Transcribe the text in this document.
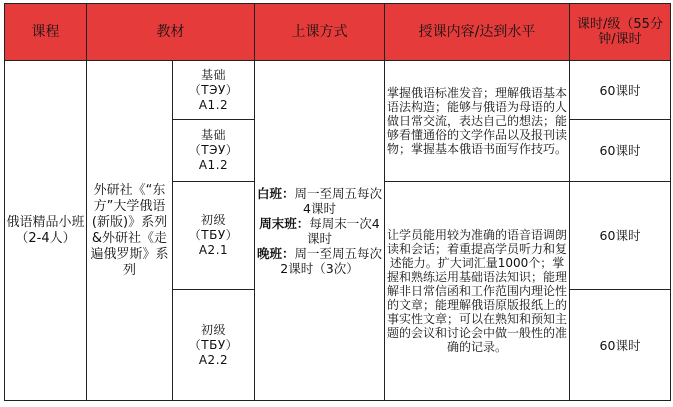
课程	教材		上课方式	授课内容/达到水平	课时/级（55分钟/课时
俄语精品小班（2-4人）	外研社《“东方”大学俄语(新版)》系列&外研社《走遍俄罗斯》系列	基础
（ТЭУ）
A1.2	白班：周一至周五每次4课时
周末班：每周末一次4课时
晚班：周一至周五每次2课时（3次）	掌握俄语标准发音；理解俄语基本语法构造；能够与俄语为母语的人做日常交流，表达自己的想法；能够看懂通俗的文学作品以及报刊读物；掌握基本俄语书面写作技巧。	60课时

		基础
（ТЭУ）
A1.2			60课时

		初级
（ТБУ）
A2.1		让学员能用较为准确的语音语调朗读和会话；着重提高学员听力和复述能力。扩大词汇量1000个；掌握和熟练运用基础语法知识；能理解非日常信函和工作范围内理论性的文章；能理解俄语原版报纸上的事实性文章；可以在熟知和预知主题的会议和讨论会中做一般性的准确的记录。	60课时

		初级
（ТБУ）
A2.2			60课时
